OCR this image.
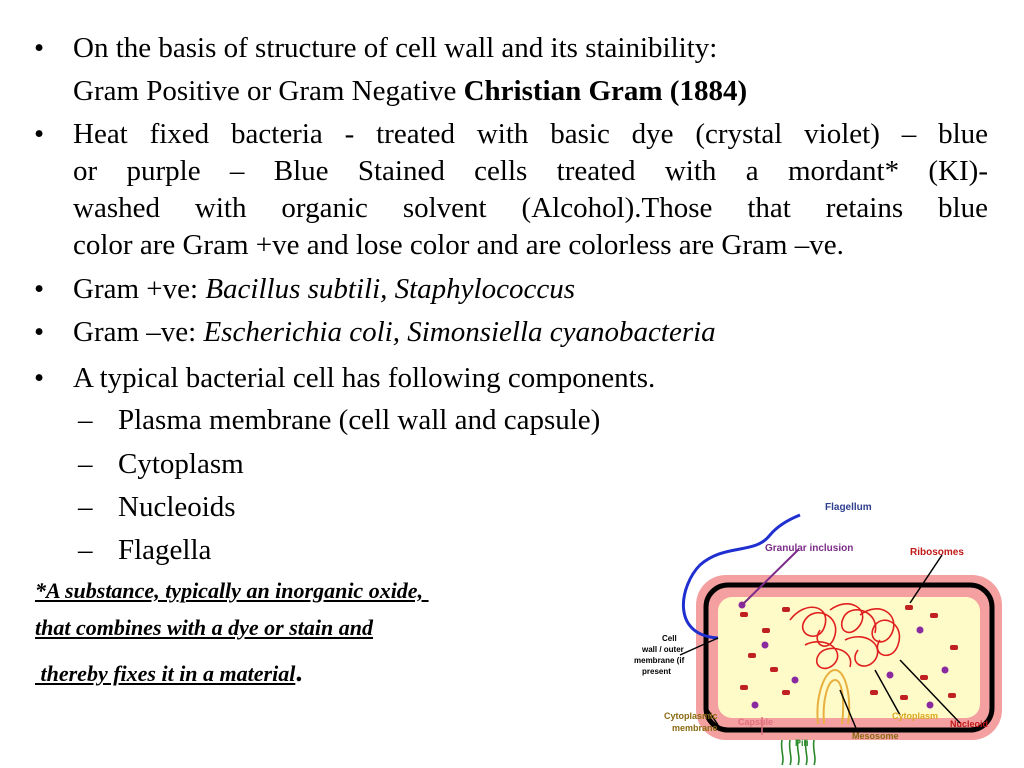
• On the basis of structure of cell wall and its stainibility:
Gram Positive or Gram Negative Christian Gram (1884)
• Heat fixed bacteria - treated with basic dye (crystal violet) – blue
or purple – Blue Stained cells treated with a mordant* (KI)-
washed with organic solvent (Alcohol).Those that retains blue
color are Gram +ve and lose color and are colorless are Gram –ve.
• Gram +ve: Bacillus subtili, Staphylococcus
• Gram –ve: Escherichia coli, Simonsiella cyanobacteria
• A typical bacterial cell has following components.
– Plasma membrane (cell wall and capsule)
– Cytoplasm
– Nucleoids
– Flagella
*A substance, typically an inorganic oxide,
that combines with a dye or stain and
thereby fixes it in a material.
Flagellum
Granular inclusion	Ribosomes
Cell
wall / outer
membrane (if
present
Cytoplasmic
membrane
Capsule
Pili
Mesosome
Cytoplasm
Nucleoid
